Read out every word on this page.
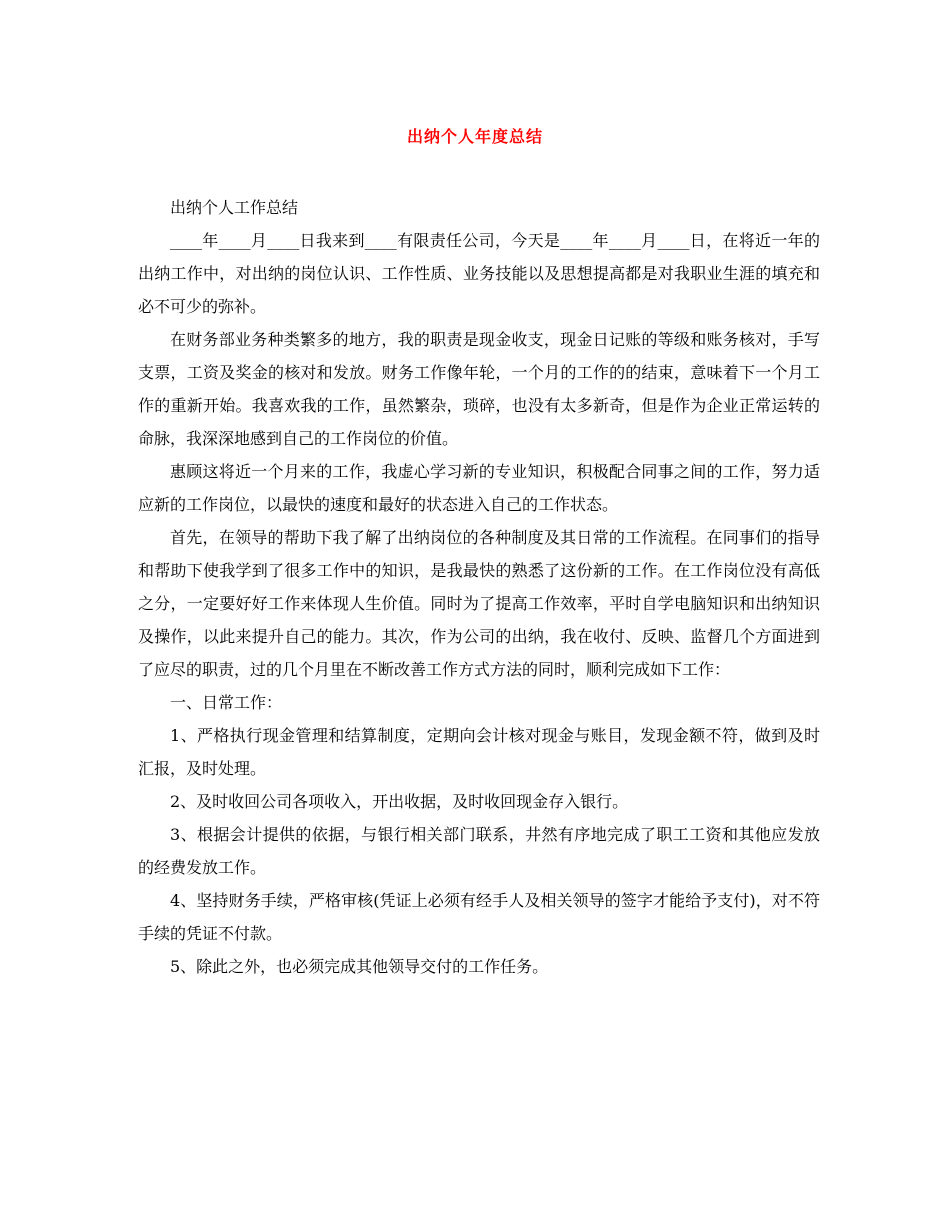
出纳个人年度总结

出纳个人工作总结

____年____月____日我来到____有限责任公司，今天是____年____月____日，在将近一年的出纳工作中，对出纳的岗位认识、工作性质、业务技能以及思想提高都是对我职业生涯的填充和必不可少的弥补。

在财务部业务种类繁多的地方，我的职责是现金收支，现金日记账的等级和账务核对，手写支票，工资及奖金的核对和发放。财务工作像年轮，一个月的工作的的结束，意味着下一个月工作的重新开始。我喜欢我的工作，虽然繁杂，琐碎，也没有太多新奇，但是作为企业正常运转的命脉，我深深地感到自己的工作岗位的价值。

惠顾这将近一个月来的工作，我虚心学习新的专业知识，积极配合同事之间的工作，努力适应新的工作岗位，以最快的速度和最好的状态进入自己的工作状态。

首先，在领导的帮助下我了解了出纳岗位的各种制度及其日常的工作流程。在同事们的指导和帮助下使我学到了很多工作中的知识，是我最快的熟悉了这份新的工作。在工作岗位没有高低之分，一定要好好工作来体现人生价值。同时为了提高工作效率，平时自学电脑知识和出纳知识及操作，以此来提升自己的能力。其次，作为公司的出纳，我在收付、反映、监督几个方面进到了应尽的职责，过的几个月里在不断改善工作方式方法的同时，顺利完成如下工作：

一、日常工作：

1、严格执行现金管理和结算制度，定期向会计核对现金与账目，发现金额不符，做到及时汇报，及时处理。

2、及时收回公司各项收入，开出收据，及时收回现金存入银行。

3、根据会计提供的依据，与银行相关部门联系，井然有序地完成了职工工资和其他应发放的经费发放工作。

4、坚持财务手续，严格审核(凭证上必须有经手人及相关领导的签字才能给予支付)，对不符手续的凭证不付款。

5、除此之外，也必须完成其他领导交付的工作任务。
